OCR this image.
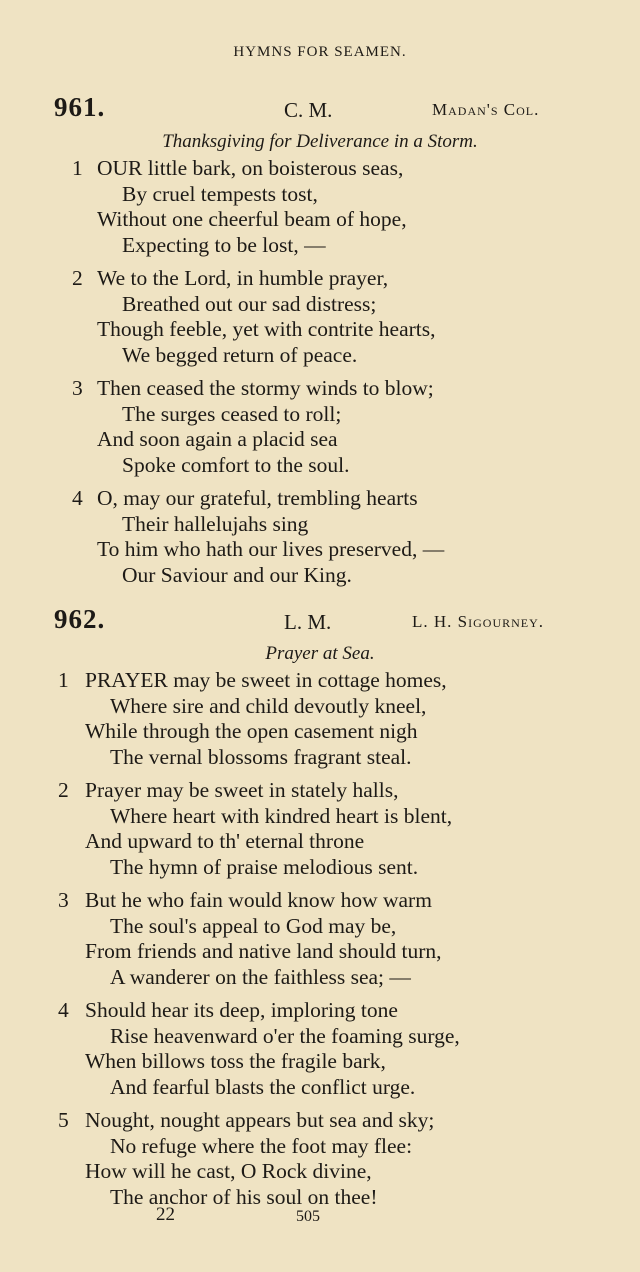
HYMNS FOR SEAMEN.
961.	C. M.	Madan's Col.
Thanksgiving for Deliverance in a Storm.
1 OUR little bark, on boisterous seas,
By cruel tempests tost,
Without one cheerful beam of hope,
Expecting to be lost, —
2 We to the Lord, in humble prayer,
Breathed out our sad distress;
Though feeble, yet with contrite hearts,
We begged return of peace.
3 Then ceased the stormy winds to blow;
The surges ceased to roll;
And soon again a placid sea
Spoke comfort to the soul.
4 O, may our grateful, trembling hearts
Their hallelujahs sing
To him who hath our lives preserved, —
Our Saviour and our King.
962.	L. M.	L. H. Sigourney.
Prayer at Sea.
1 PRAYER may be sweet in cottage homes,
Where sire and child devoutly kneel,
While through the open casement nigh
The vernal blossoms fragrant steal.
2 Prayer may be sweet in stately halls,
Where heart with kindred heart is blent,
And upward to th' eternal throne
The hymn of praise melodious sent.
3 But he who fain would know how warm
The soul's appeal to God may be,
From friends and native land should turn,
A wanderer on the faithless sea; —
4 Should hear its deep, imploring tone
Rise heavenward o'er the foaming surge,
When billows toss the fragile bark,
And fearful blasts the conflict urge.
5 Nought, nought appears but sea and sky;
No refuge where the foot may flee:
How will he cast, O Rock divine,
The anchor of his soul on thee!
22	505
